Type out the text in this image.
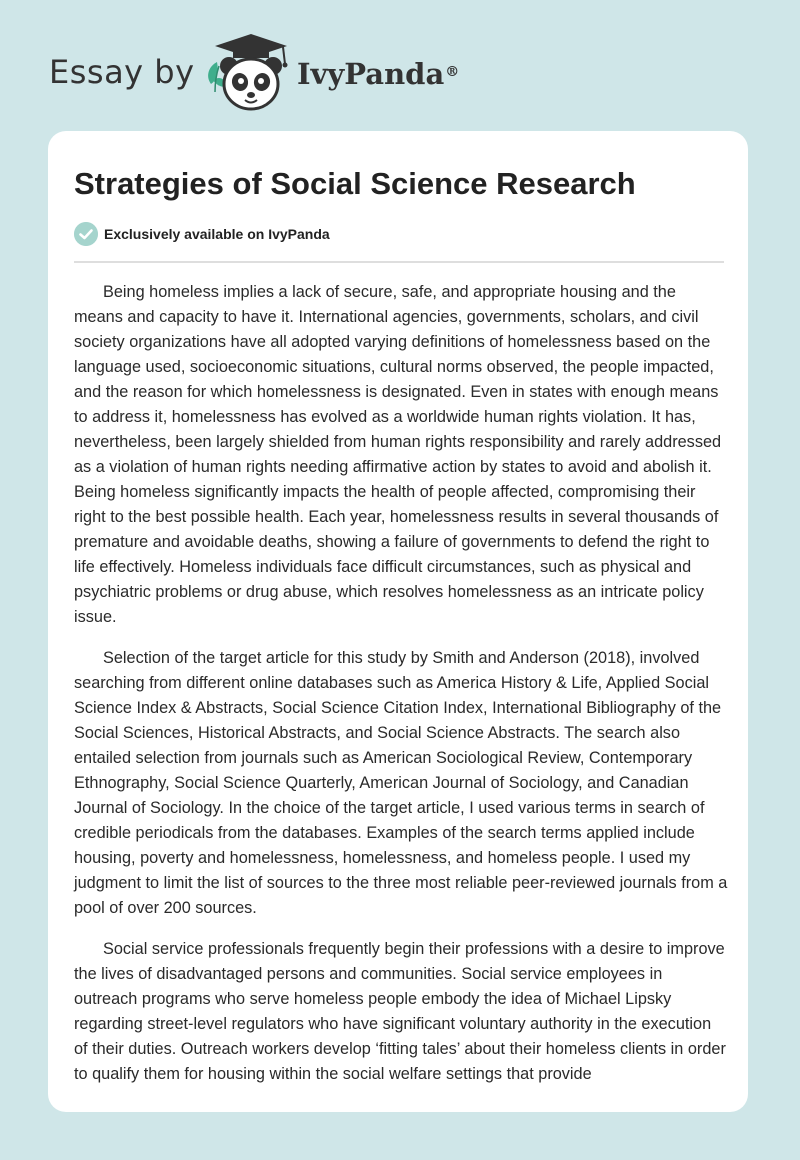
Essay by	IvyPanda®
Strategies of Social Science Research
Exclusively available on IvyPanda

Being homeless implies a lack of secure, safe, and appropriate housing and the means and capacity to have it. International agencies, governments, scholars, and civil society organizations have all adopted varying definitions of homelessness based on the language used, socioeconomic situations, cultural norms observed, the people impacted, and the reason for which homelessness is designated. Even in states with enough means to address it, homelessness has evolved as a worldwide human rights violation. It has, nevertheless, been largely shielded from human rights responsibility and rarely addressed as a violation of human rights needing affirmative action by states to avoid and abolish it. Being homeless significantly impacts the health of people affected, compromising their right to the best possible health. Each year, homelessness results in several thousands of premature and avoidable deaths, showing a failure of governments to defend the right to life effectively. Homeless individuals face difficult circumstances, such as physical and psychiatric problems or drug abuse, which resolves homelessness as an intricate policy issue.

Selection of the target article for this study by Smith and Anderson (2018), involved searching from different online databases such as America History & Life, Applied Social Science Index & Abstracts, Social Science Citation Index, International Bibliography of the Social Sciences, Historical Abstracts, and Social Science Abstracts. The search also entailed selection from journals such as American Sociological Review, Contemporary Ethnography, Social Science Quarterly, American Journal of Sociology, and Canadian Journal of Sociology. In the choice of the target article, I used various terms in search of credible periodicals from the databases. Examples of the search terms applied include housing, poverty and homelessness, homelessness, and homeless people. I used my judgment to limit the list of sources to the three most reliable peer-reviewed journals from a pool of over 200 sources.

Social service professionals frequently begin their professions with a desire to improve the lives of disadvantaged persons and communities. Social service employees in outreach programs who serve homeless people embody the idea of Michael Lipsky regarding street-level regulators who have significant voluntary authority in the execution of their duties. Outreach workers develop ‘fitting tales’ about their homeless clients in order to qualify them for housing within the social welfare settings that provide
